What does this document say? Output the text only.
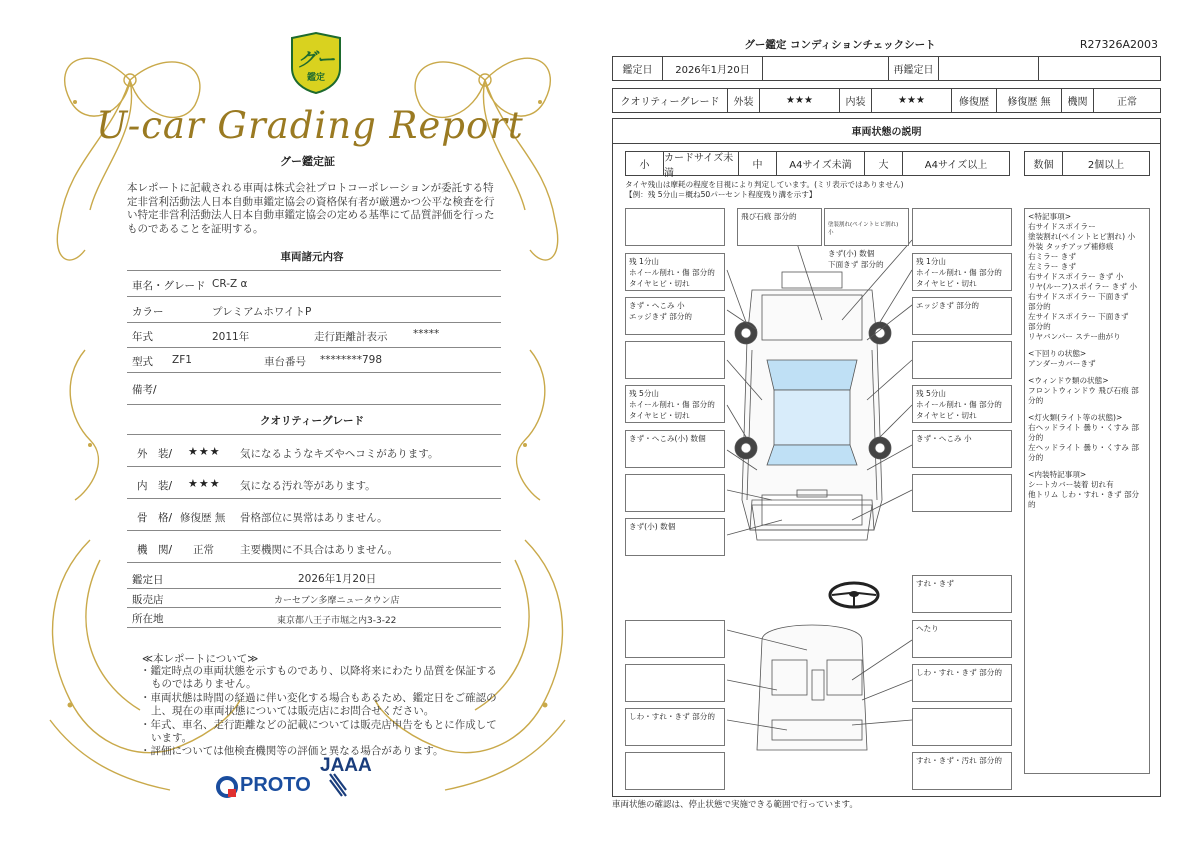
グー
鑑定
U-car Grading Report
グー鑑定証
本レポートに記載される車両は株式会社プロトコーポレーションが委託する特定非営利活動法人日本自動車鑑定協会の資格保有者が厳選かつ公平な検査を行い特定非営利活動法人日本自動車鑑定協会の定める基準にて品質評価を行ったものであることを証明する。
車両諸元内容
車名・グレード CR-Z α
カラー	プレミアムホワイトP
年式	2011年	走行距離計表示 *****
型式 ZF1	車台番号 ********798
備考/
クオリティーグレード
外　装/ ★★★ 気になるようなキズやヘコミがあります。
内　装/ ★★★ 気になる汚れ等があります。
骨　格/ 修復歴 無 骨格部位に異常はありません。
機　関/ 正常 主要機関に不具合はありません。
鑑定日	2026年1月20日
販売店	カーセブン多摩ニュータウン店
所在地	東京都八王子市堀之内3-3-22
≪本レポートについて≫
・鑑定時点の車両状態を示すものであり、以降将来にわたり品質を保証するものではありません。
・車両状態は時間の経過に伴い変化する場合もあるため、鑑定日をご確認の上、現在の車両状態については販売店にお問合せください。
・年式、車名、走行距離などの記載については販売店申告をもとに作成しています。
・評価については他検査機関等の評価と異なる場合があります。
PROTO
JAAA
グー鑑定 コンディションチェックシート	R27326A2003
鑑定日	2026年1月20日	再鑑定日
クオリティーグレード	外装	★★★	内装	★★★	修復歴	修復歴 無	機関	正常
車両状態の説明
小
カードサイズ未満
中	A4サイズ未満	大	A4サイズ以上	数個	2個以上
タイヤ残山は摩耗の程度を目視により判定しています。(ミリ表示ではありません)
【例：残 5分山＝概ね50パーセント程度残り溝を示す】
飛び石痕 部分的

塗装割れ(ペイントヒビ割れ) 小

きず(小) 数個
下面きず 部分的

残 1分山
ホイール削れ・傷 部分的
タイヤヒビ・切れ
残 1分山
ホイール削れ・傷 部分的
タイヤヒビ・切れ
きず・へこみ 小
エッジきず 部分的
エッジきず 部分的
残 5分山
ホイール削れ・傷 部分的
タイヤヒビ・切れ
残 5分山
ホイール削れ・傷 部分的
タイヤヒビ・切れ
きず・へこみ(小) 数個	きず・へこみ 小
きず(小) 数個
すれ・きず
へたり
しわ・すれ・きず 部分的
しわ・すれ・きず 部分的
すれ・きず・汚れ 部分的
<特記事項>
右サイドスポイラー
塗装割れ(ペイントヒビ割れ) 小
外装 タッチアップ補修痕
右ミラー きず
左ミラー きず
右サイドスポイラー きず 小
リヤ(ルーフ)スポイラー きず 小
右サイドスポイラー 下面きず
部分的
左サイドスポイラー 下面きず
部分的
リヤバンパー ステー曲がり
<下回りの状態>
アンダーカバーきず
<ウィンドウ類の状態>
フロントウィンドウ 飛び石痕 部分的
<灯火類(ライト等の状態)>
右ヘッドライト 曇り・くすみ 部分的
左ヘッドライト 曇り・くすみ 部分的
<内装特記事項>
シートカバー装着 切れ有
他トリム しわ・すれ・きず 部分的
車両状態の確認は、停止状態で実施できる範囲で行っています。
